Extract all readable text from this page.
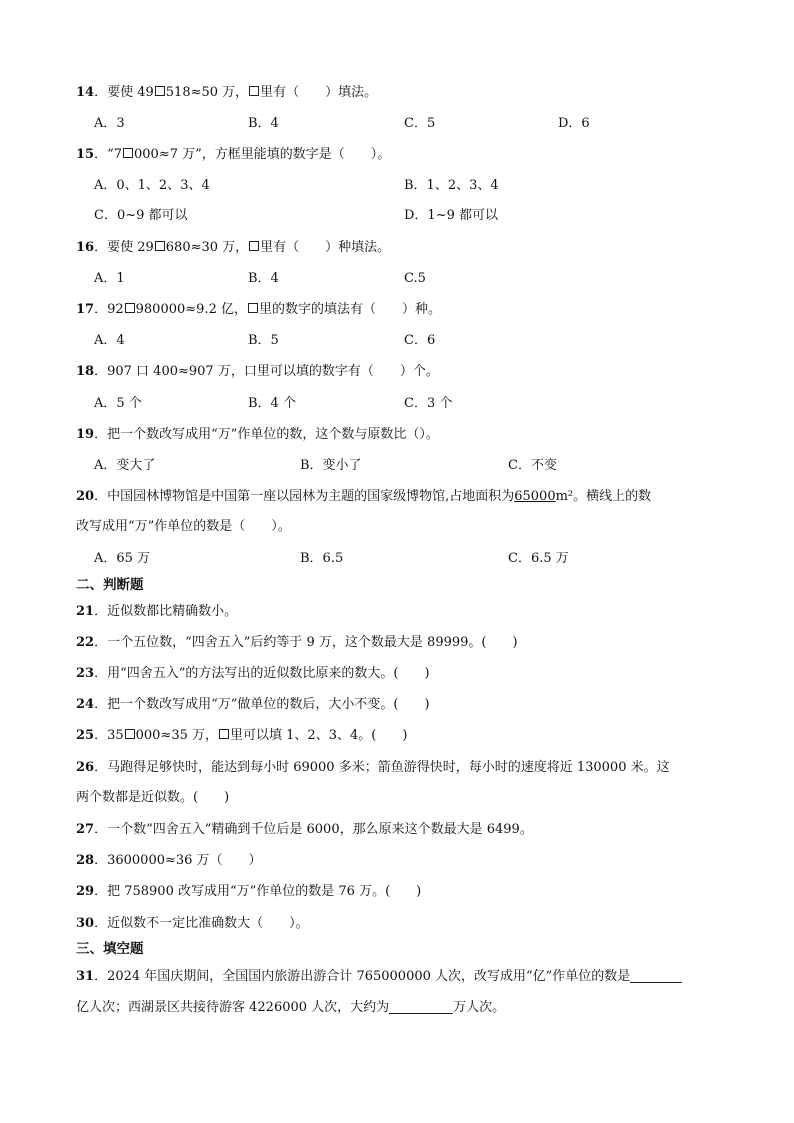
14．要使 49 518≈50 万， 里有（　　）填法。
A．3	B．4	C．5	D．6
15．“7 000≈7 万”，方框里能填的数字是（　　）。
A．0、1、2、3、4	B．1、2、3、4
C．0~9 都可以	D．1~9 都可以
16．要使 29 680≈30 万， 里有（　　）种填法。
A．1	B．4	C.5
17．92 980000≈9.2 亿， 里的数字的填法有（　　）种。
A．4	B．5	C．6
18．907 口 400≈907 万，口里可以填的数字有（　　）个。
A．5 个	B．4 个	C．3 个
19．把一个数改写成用“万”作单位的数，这个数与原数比（）。
A．变大了	B．变小了	C．不变
20．中国园林博物馆是中国第一座以园林为主题的国家级博物馆,占地面积为65000m²。横线上的数
改写成用“万”作单位的数是（　　）。
A．65 万	B．6.5	C．6.5 万
二、判断题
21．近似数都比精确数小。
22．一个五位数，“四舍五入”后约等于 9 万，这个数最大是 89999。(　　)
23．用“四舍五入”的方法写出的近似数比原来的数大。(　　)
24．把一个数改写成用“万”做单位的数后，大小不变。(　　)
25．35 000≈35 万， 里可以填 1、2、3、4。(　　)
26．马跑得足够快时，能达到每小时 69000 多米；箭鱼游得快时，每小时的速度将近 130000 米。这
两个数都是近似数。(　　)
27．一个数“四舍五入”精确到千位后是 6000，那么原来这个数最大是 6499。
28．3600000≈36 万（　　）
29．把 758900 改写成用“万”作单位的数是 76 万。(　　)
30．近似数不一定比准确数大（　　）。
三、填空题
31．2024 年国庆期间，全国国内旅游出游合计 765000000 人次，改写成用“亿”作单位的数是
亿人次；西湖景区共接待游客 4226000 人次，大约为	万人次。
